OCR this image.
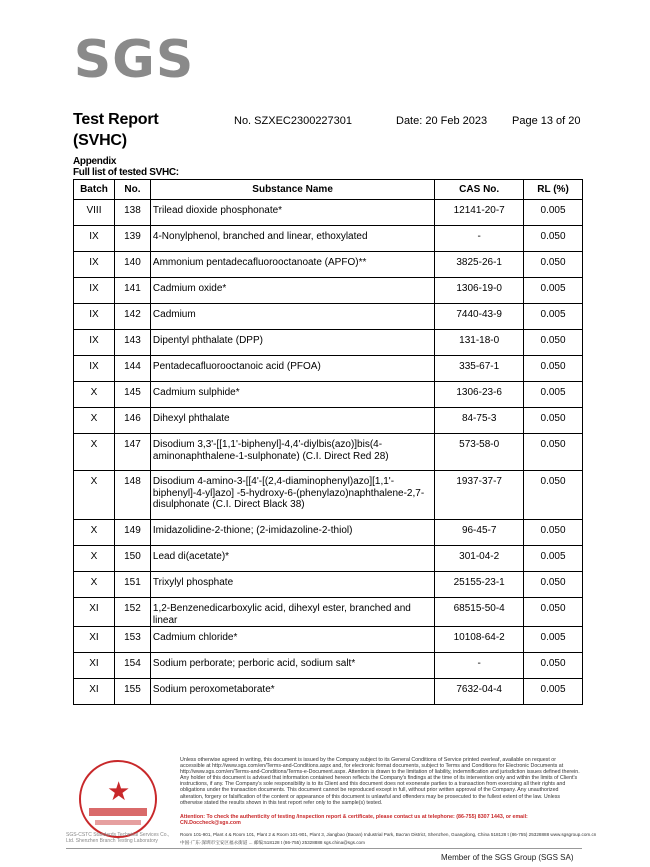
SGS
Test Report
(SVHC)
No. SZXEC2300227301	Date: 20 Feb 2023 Page 13 of 20
Appendix
Full list of tested SVHC:
Batch	No.	Substance Name	CAS No.	RL (%)
VIII	138	Trilead dioxide phosphonate*	12141-20-7	0.005
IX	139	4-Nonylphenol, branched and linear, ethoxylated	-	0.050
IX	140	Ammonium pentadecafluorooctanoate (APFO)**	3825-26-1	0.050
IX	141	Cadmium oxide*	1306-19-0	0.005
IX	142	Cadmium	7440-43-9	0.005
IX	143	Dipentyl phthalate (DPP)	131-18-0	0.050
IX	144	Pentadecafluorooctanoic acid (PFOA)	335-67-1	0.050
X	145	Cadmium sulphide*	1306-23-6	0.005
X	146	Dihexyl phthalate	84-75-3	0.050
X	147	Disodium 3,3'-[[1,1'-biphenyl]-4,4'-diylbis(azo)]bis(4-aminonaphthalene-1-sulphonate) (C.I. Direct Red 28)	573-58-0	0.050
X	148	Disodium 4-amino-3-[[4'-[(2,4-diaminophenyl)azo][1,1'-biphenyl]-4-yl]azo] -5-hydroxy-6-(phenylazo)naphthalene-2,7-disulphonate (C.I. Direct Black 38)	1937-37-7	0.050
X	149	Imidazolidine-2-thione; (2-imidazoline-2-thiol)	96-45-7	0.050
X	150	Lead di(acetate)*	301-04-2	0.005
X	151	Trixylyl phosphate	25155-23-1	0.050
XI	152	1,2-Benzenedicarboxylic acid, dihexyl ester, branched and linear	68515-50-4	0.050
XI	153	Cadmium chloride*	10108-64-2	0.005
XI	154	Sodium perborate; perboric acid, sodium salt*	-	0.050
XI	155	Sodium peroxometaborate*	7632-04-4	0.005
★
Unless otherwise agreed in writing, this document is issued by the Company subject to its General Conditions of Service printed overleaf, available on request or accessible at http://www.sgs.com/en/Terms-and-Conditions.aspx and, for electronic format documents, subject to Terms and Conditions for Electronic Documents at http://www.sgs.com/en/Terms-and-Conditions/Terms-e-Document.aspx. Attention is drawn to the limitation of liability, indemnification and jurisdiction issues defined therein. Any holder of this document is advised that information contained hereon reflects the Company's findings at the time of its intervention only and within the limits of Client's instructions, if any. The Company's sole responsibility is to its Client and this document does not exonerate parties to a transaction from exercising all their rights and obligations under the transaction documents. This document cannot be reproduced except in full, without prior written approval of the Company. Any unauthorized alteration, forgery or falsification of the content or appearance of this document is unlawful and offenders may be prosecuted to the fullest extent of the law. Unless otherwise stated the results shown in this test report refer only to the sample(s) tested.
Attention: To check the authenticity of testing /inspection report & certificate, please contact us at telephone: (86-755) 8307 1443, or email: CN.Doccheck@sgs.com
SGS-CSTC Standards Technical Services Co., Ltd. Shenzhen Branch Testing Laboratory
Room 101-901, Plant 4 & Room 101, Plant 2 & Room 101-901, Plant 3, Jiangbao (Baoan) Industrial Park, Bao'an District, Shenzhen, Guangdong, China 518128 t (86-755) 25328888 www.sgsgroup.com.cn
中国·广东·深圳市宝安区福永街道 ... 邮编:518128 t (86-755) 25328888 sgs.china@sgs.com
Member of the SGS Group (SGS SA)
